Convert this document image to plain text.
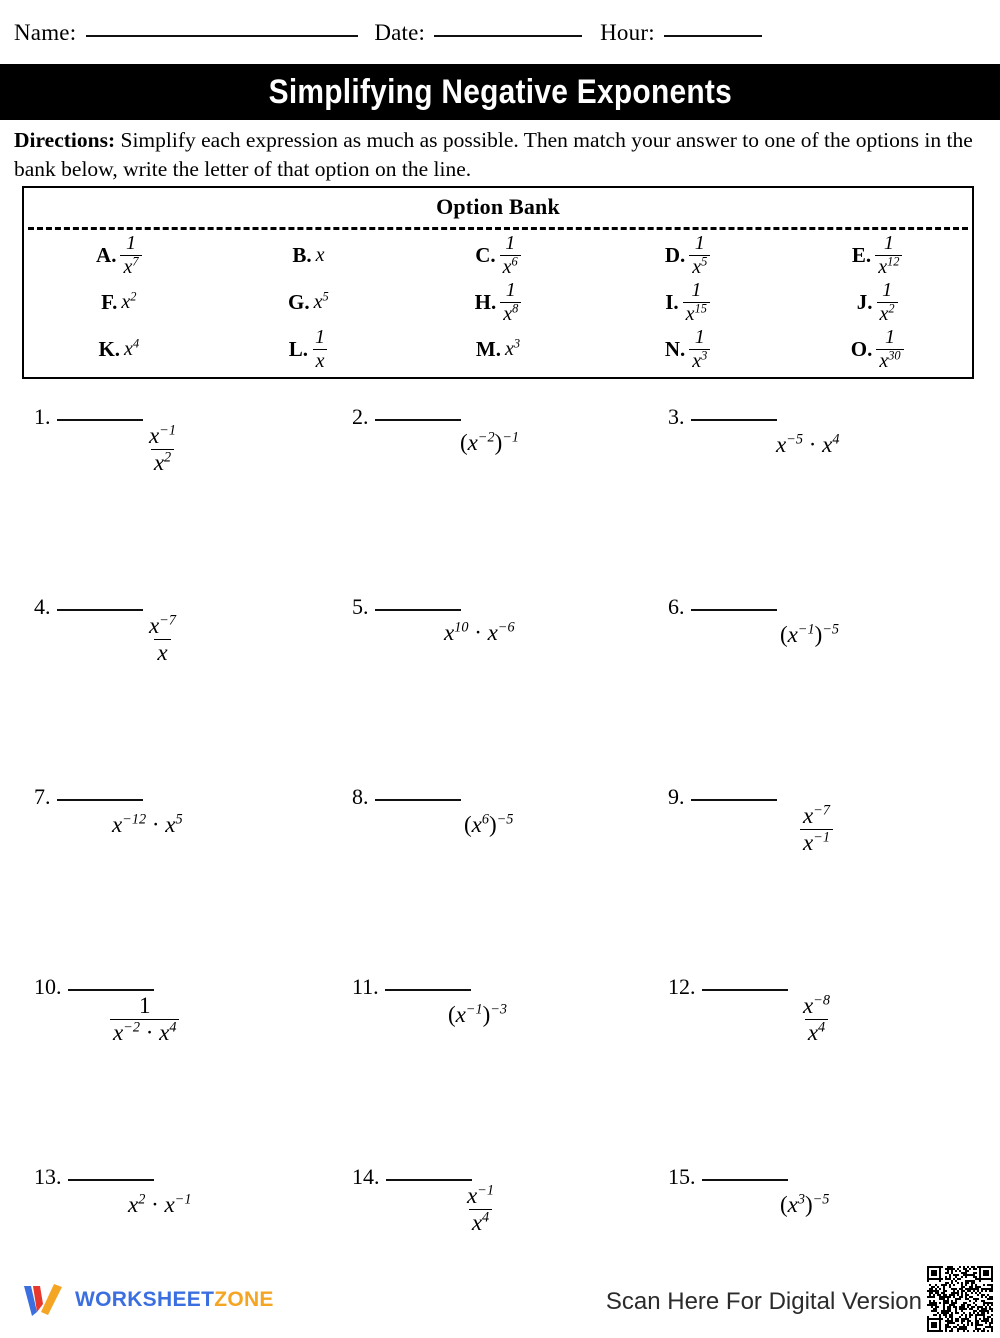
Name:	Date:	Hour:
Simplifying Negative Exponents
Directions: Simplify each expression as much as possible. Then match your answer to one of the options in the bank below, write the letter of that option on the line.
Option Bank
A. $\frac{1}{x^7}$	B. x	C. $\frac{1}{x^6}$	D. $\frac{1}{x^5}$	E. $\frac{1}{x^{12}}$
F. $x^2$	G. $x^5$	H. $\frac{1}{x^8}$	I. $\frac{1}{x^{15}}$	J. $\frac{1}{x^2}$
K. $x^4$	L. $\frac{1}{x}$	M. $x^3$	N. $\frac{1}{x^3}$	O. $\frac{1}{x^{30}}$
1.
$\frac{x^{-1}}{x^2}$
2.
$(x^{-2})^{-1}$
3.
$x^{-5} \cdot x^4$
4.
$\frac{x^{-7}}{x}$
5.
$x^{10} \cdot x^{-6}$
6.
$(x^{-1})^{-5}$
7.
$x^{-12} \cdot x^5$
8.
$(x^6)^{-5}$
9.
$\frac{x^{-7}}{x^{-1}}$
10.
$\frac{1}{x^{-2} \cdot x^4}$
11.
$(x^{-1})^{-3}$
12.
$\frac{x^{-8}}{x^4}$
13.
$x^2 \cdot x^{-1}$
14.
$\frac{x^{-1}}{x^4}$
15.
$(x^3)^{-5}$
WORKSHEETZONE	Scan Here For Digital Version
